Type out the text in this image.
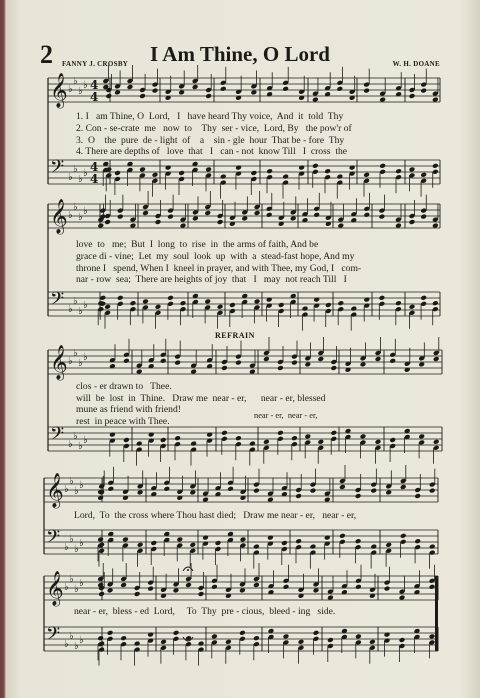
2	I Am Thine, O Lord
FANNY J. CROSBY	W. H. DOANE
𝄞 ♭
♭
♭
♭ 4
4
𝄢 ♭
♭
♭
♭ 4
4
𝄞 ♭
♭
♭
♭
𝄢 ♭
♭
♭
♭
𝄞 ♭
♭
♭
♭
𝄢 ♭
♭
♭
♭
𝄞 ♭
♭
♭
♭
𝄢 ♭
♭
♭
♭
𝄞 ♭
♭
♭
♭
𝄢 ♭
♭
♭
♭
1. I   am Thine, O  Lord,   I   have heard Thy voice,  And  it  told  Thy
2. Con - se-crate  me   now  to    Thy  ser - vice,  Lord, By   the pow'r of
3.  O    the  pure  de - light  of    a    sin - gle  hour  That be - fore  Thy
4. There are depths of   love  that   I   can - not  know Till   I  cross  the
love  to   me;  But  I  long  to  rise  in  the arms of faith, And be
grace di - vine;  Let  my  soul  look  up  with  a  stead-fast hope, And my
throne I   spend, When I  kneel in prayer, and with Thee, my God, I   com-
nar - row  sea;  There are heights of joy  that   I   may  not reach Till   I
REFRAIN
clos - er drawn to   Thee.
will  be  lost  in  Thine.   Draw me  near - er,      near - er, blessed
mune as friend with friend!
rest  in peace with Thee.
near - er,  near - er,
Lord,  To  the cross where Thou hast died;   Draw me near - er,   near - er,
near - er,  bless - ed  Lord,     To  Thy  pre - cious,  bleed - ing   side.
